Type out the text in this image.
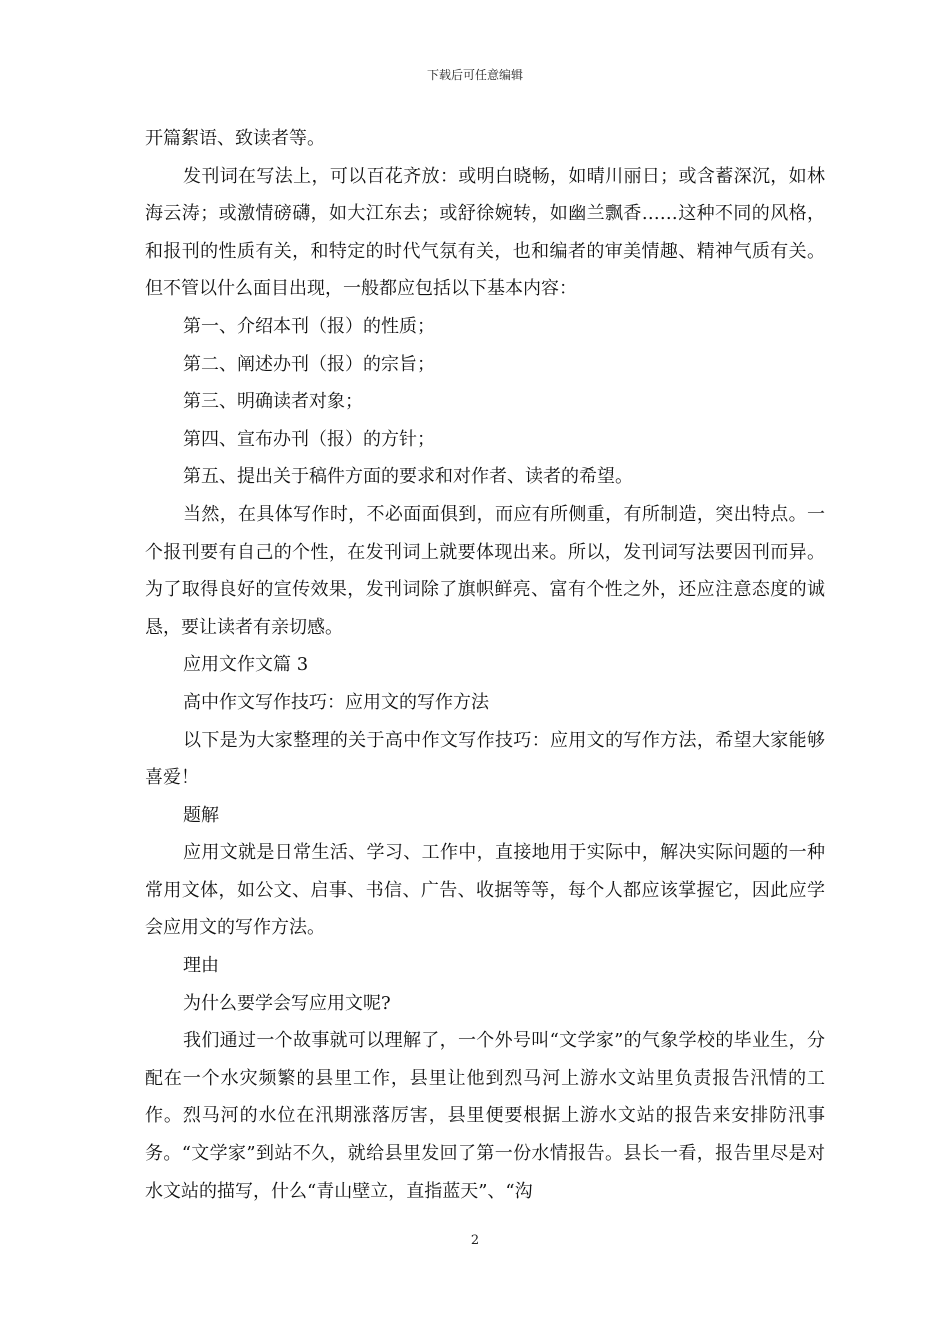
下载后可任意编辑

开篇絮语、致读者等。

发刊词在写法上，可以百花齐放：或明白晓畅，如晴川丽日；或含蓄深沉，如林海云涛；或激情磅礴，如大江东去；或舒徐婉转，如幽兰飘香……这种不同的风格，和报刊的性质有关，和特定的时代气氛有关，也和编者的审美情趣、精神气质有关。但不管以什么面目出现，一般都应包括以下基本内容：

第一、介绍本刊（报）的性质；

第二、阐述办刊（报）的宗旨；

第三、明确读者对象；

第四、宣布办刊（报）的方针；

第五、提出关于稿件方面的要求和对作者、读者的希望。

当然，在具体写作时，不必面面俱到，而应有所侧重，有所制造，突出特点。一个报刊要有自己的个性，在发刊词上就要体现出来。所以，发刊词写法要因刊而异。为了取得良好的宣传效果，发刊词除了旗帜鲜亮、富有个性之外，还应注意态度的诚恳，要让读者有亲切感。

应用文作文篇 3

高中作文写作技巧：应用文的写作方法

以下是为大家整理的关于高中作文写作技巧：应用文的写作方法，希望大家能够喜爱！

题解

应用文就是日常生活、学习、工作中，直接地用于实际中，解决实际问题的一种常用文体，如公文、启事、书信、广告、收据等等，每个人都应该掌握它，因此应学会应用文的写作方法。

理由

为什么要学会写应用文呢?

我们通过一个故事就可以理解了，一个外号叫“文学家”的气象学校的毕业生，分配在一个水灾频繁的县里工作，县里让他到烈马河上游水文站里负责报告汛情的工作。烈马河的水位在汛期涨落厉害，县里便要根据上游水文站的报告来安排防汛事务。“文学家”到站不久，就给县里发回了第一份水情报告。县长一看，报告里尽是对水文站的描写，什么“青山壁立，直指蓝天”、“沟

2
